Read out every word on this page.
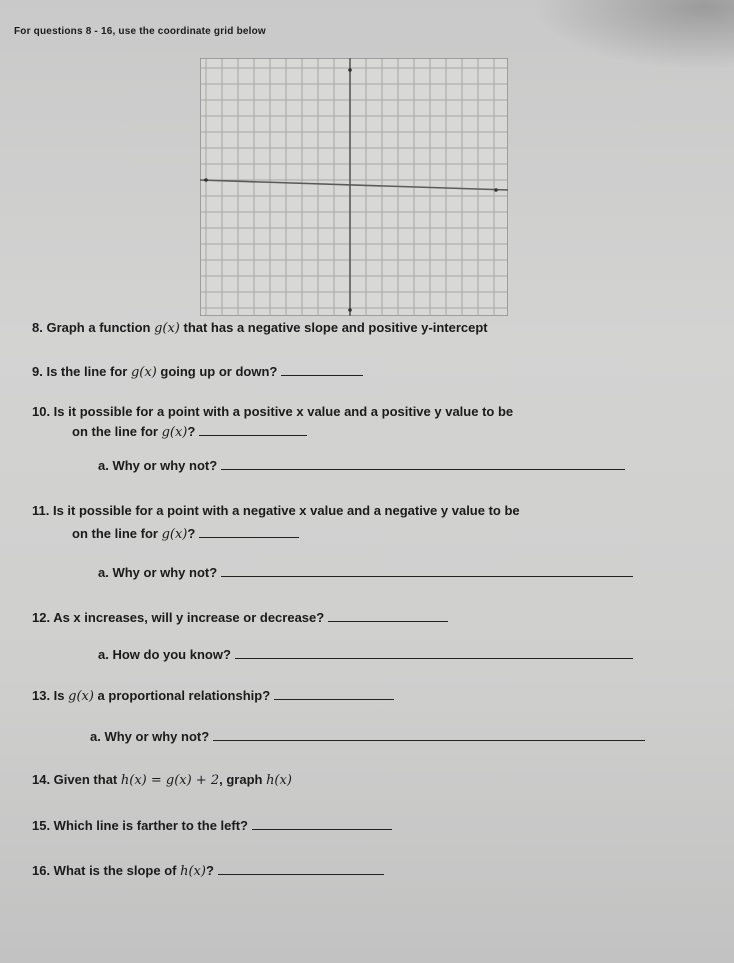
For questions 8 - 16, use the coordinate grid below
8. Graph a function g(x) that has a negative slope and positive y-intercept
9. Is the line for g(x) going up or down?
10. Is it possible for a point with a positive x value and a positive y value to be
on the line for g(x)?
a. Why or why not?
11. Is it possible for a point with a negative x value and a negative y value to be
on the line for g(x)?
a. Why or why not?
12. As x increases, will y increase or decrease?
a. How do you know?
13. Is g(x) a proportional relationship?
a. Why or why not?
14. Given that h(x) = g(x) + 2, graph h(x)
15. Which line is farther to the left?
16. What is the slope of h(x)?
